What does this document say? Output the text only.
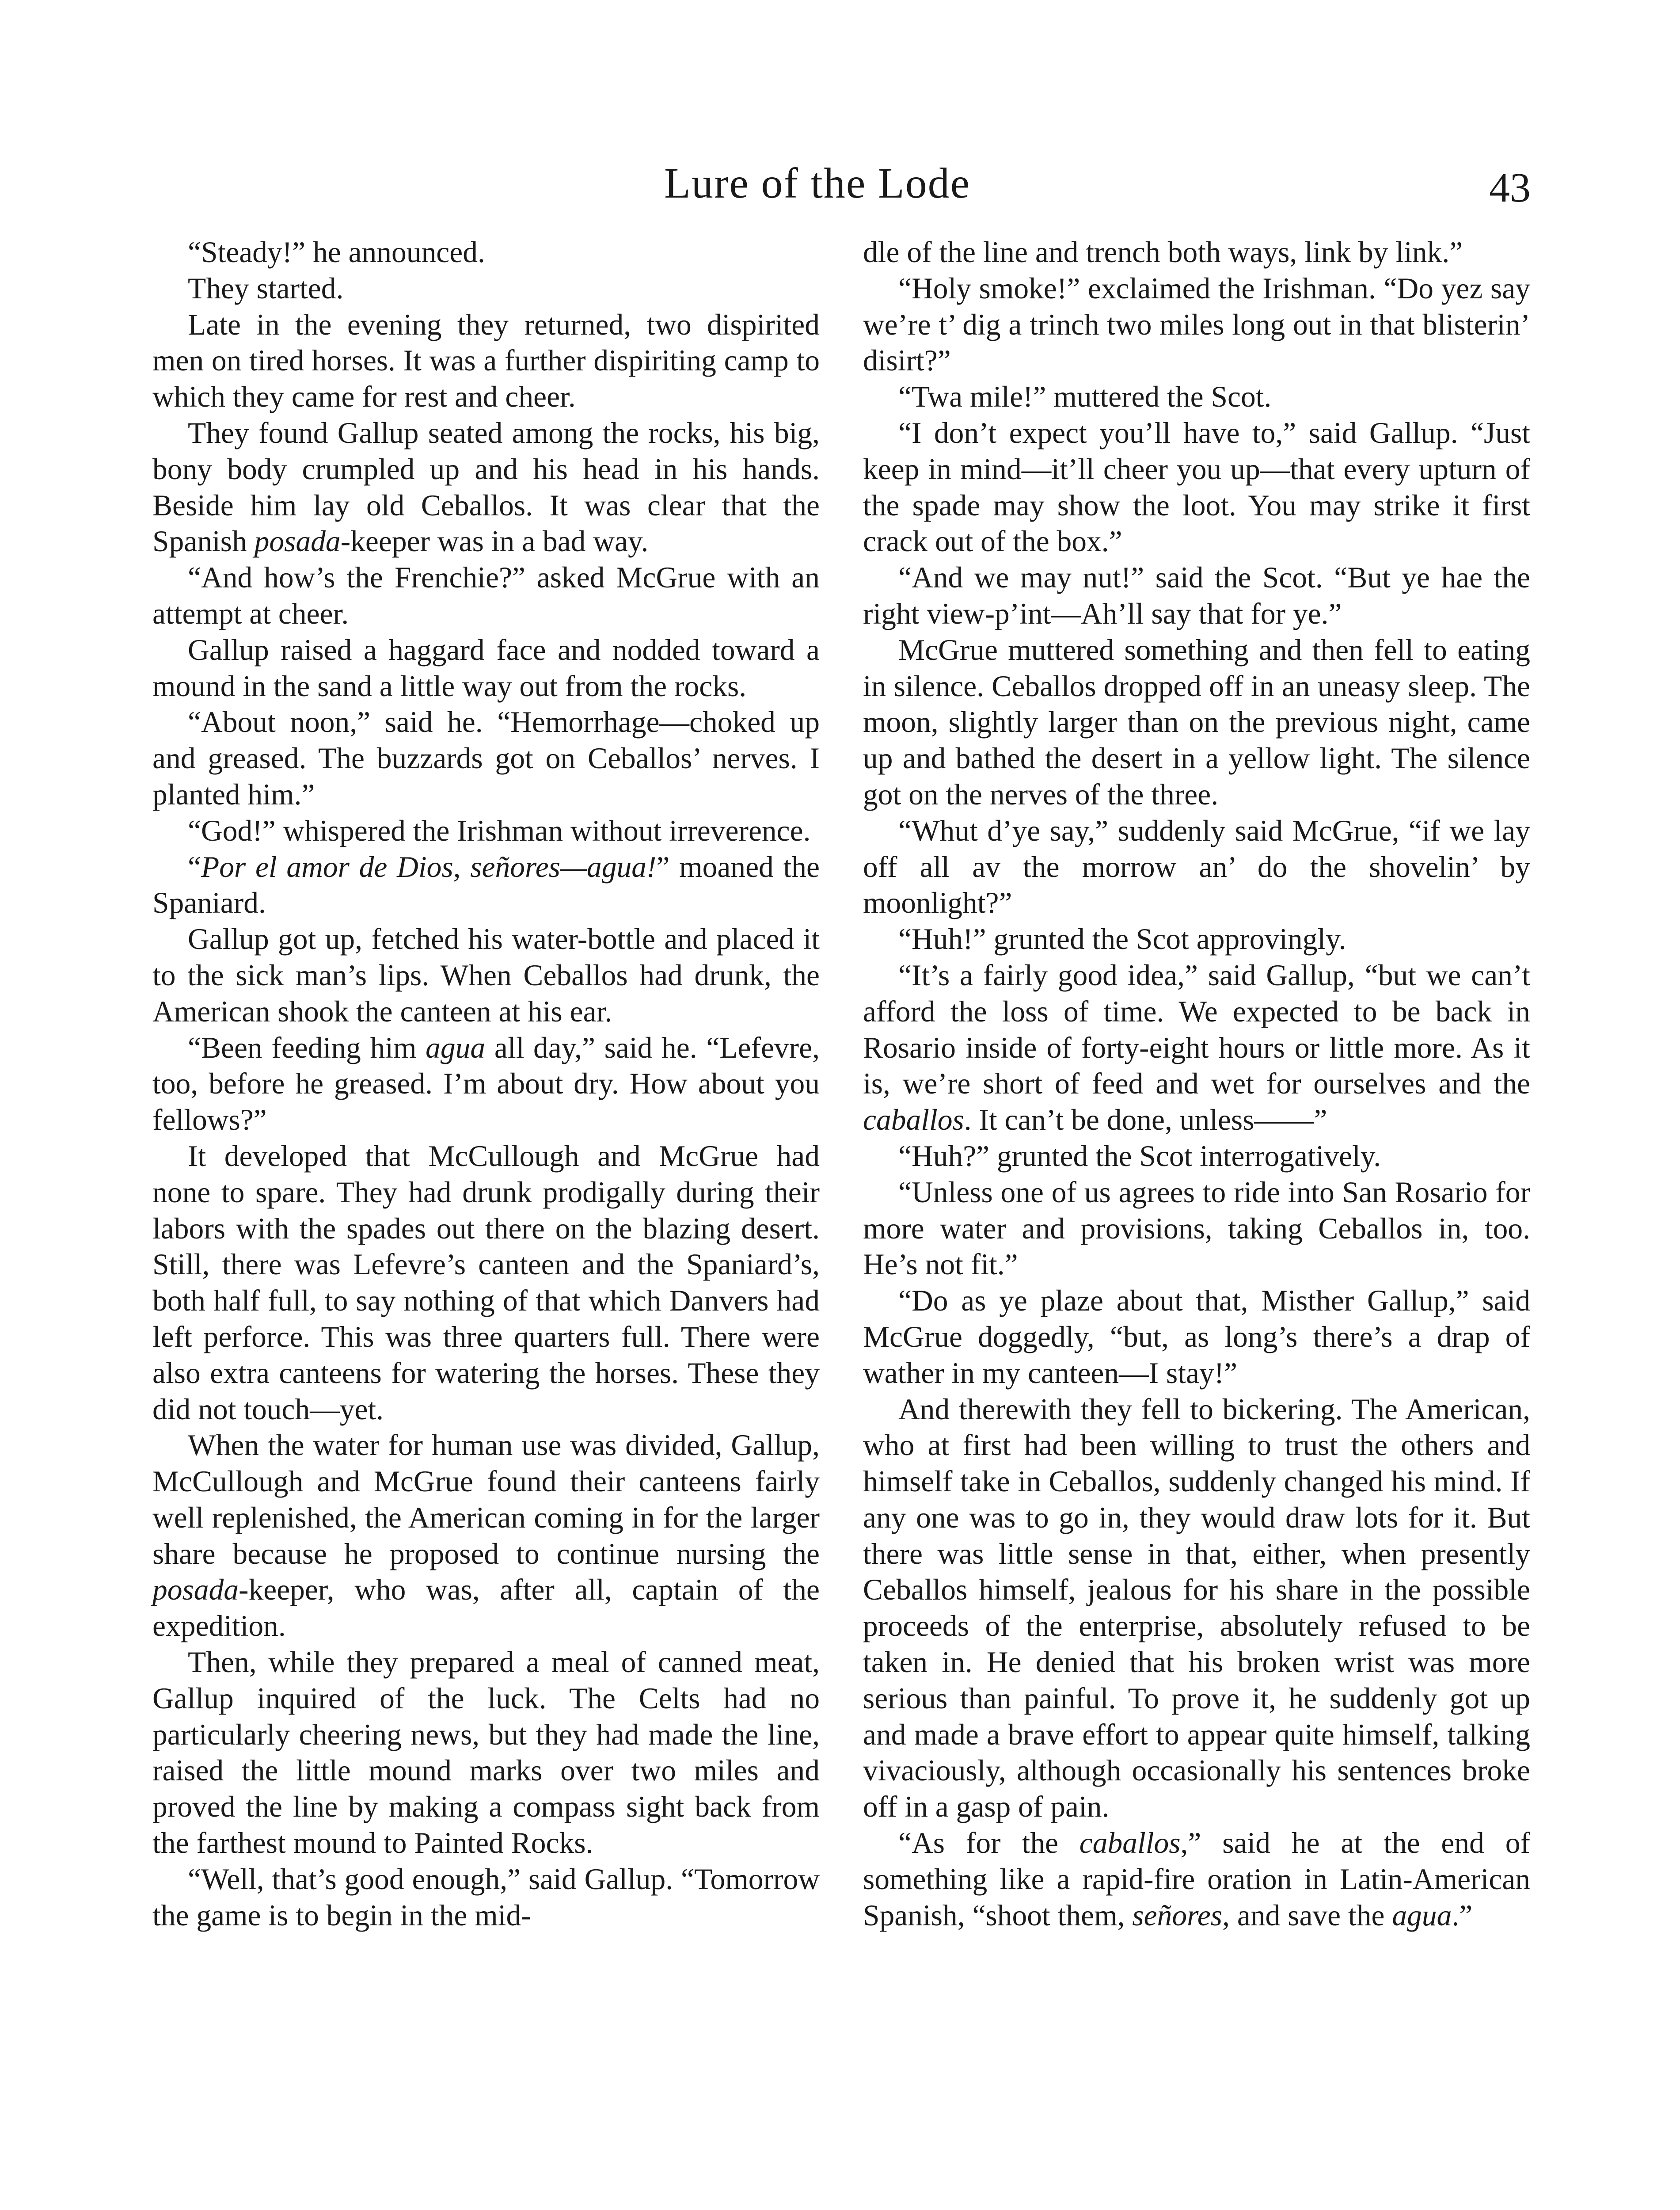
Lure of the Lode	43

“Steady!” he announced.

They started.

Late in the evening they returned, two dispirited men on tired horses. It was a further dispiriting camp to which they came for rest and cheer.

They found Gallup seated among the rocks, his big, bony body crumpled up and his head in his hands. Beside him lay old Ceballos. It was clear that the Spanish posada-keeper was in a bad way.

“And how’s the Frenchie?” asked McGrue with an attempt at cheer.

Gallup raised a haggard face and nodded toward a mound in the sand a little way out from the rocks.

“About noon,” said he. “Hemorrhage—choked up and greased. The buzzards got on Ceballos’ nerves. I planted him.”

“God!” whispered the Irishman without irreverence.

“Por el amor de Dios, señores—agua!” moaned the Spaniard.

Gallup got up, fetched his water-bottle and placed it to the sick man’s lips. When Ceballos had drunk, the American shook the canteen at his ear.

“Been feeding him agua all day,” said he. “Lefevre, too, before he greased. I’m about dry. How about you fellows?”

It developed that McCullough and McGrue had none to spare. They had drunk prodigally during their labors with the spades out there on the blazing desert. Still, there was Lefevre’s canteen and the Spaniard’s, both half full, to say nothing of that which Danvers had left perforce. This was three quarters full. There were also extra canteens for watering the horses. These they did not touch—yet.

When the water for human use was divided, Gallup, McCullough and McGrue found their canteens fairly well replenished, the American coming in for the larger share because he proposed to continue nursing the posada-keeper, who was, after all, captain of the expedition.

Then, while they prepared a meal of canned meat, Gallup inquired of the luck. The Celts had no particularly cheering news, but they had made the line, raised the little mound marks over two miles and proved the line by making a compass sight back from the farthest mound to Painted Rocks.

“Well, that’s good enough,” said Gallup. “Tomorrow the game is to begin in the mid-

dle of the line and trench both ways, link by link.”

“Holy smoke!” exclaimed the Irishman. “Do yez say we’re t’ dig a trinch two miles long out in that blisterin’ disirt?”

“Twa mile!” muttered the Scot.

“I don’t expect you’ll have to,” said Gallup. “Just keep in mind—it’ll cheer you up—that every upturn of the spade may show the loot. You may strike it first crack out of the box.”

“And we may nut!” said the Scot. “But ye hae the right view-p’int—Ah’ll say that for ye.”

McGrue muttered something and then fell to eating in silence. Ceballos dropped off in an uneasy sleep. The moon, slightly larger than on the previous night, came up and bathed the desert in a yellow light. The silence got on the nerves of the three.

“Whut d’ye say,” suddenly said McGrue, “if we lay off all av the morrow an’ do the shovelin’ by moonlight?”

“Huh!” grunted the Scot approvingly.

“It’s a fairly good idea,” said Gallup, “but we can’t afford the loss of time. We expected to be back in Rosario inside of forty-eight hours or little more. As it is, we’re short of feed and wet for ourselves and the caballos. It can’t be done, unless——”

“Huh?” grunted the Scot interrogatively.

“Unless one of us agrees to ride into San Rosario for more water and provisions, taking Ceballos in, too. He’s not fit.”

“Do as ye plaze about that, Misther Gallup,” said McGrue doggedly, “but, as long’s there’s a drap of wather in my canteen—I stay!”

And therewith they fell to bickering. The American, who at first had been willing to trust the others and himself take in Ceballos, suddenly changed his mind. If any one was to go in, they would draw lots for it. But there was little sense in that, either, when presently Ceballos himself, jealous for his share in the possible proceeds of the enterprise, absolutely refused to be taken in. He denied that his broken wrist was more serious than painful. To prove it, he suddenly got up and made a brave effort to appear quite himself, talking vivaciously, although occasionally his sentences broke off in a gasp of pain.

“As for the caballos,” said he at the end of something like a rapid-fire oration in Latin-American Spanish, “shoot them, señores, and save the agua.”
